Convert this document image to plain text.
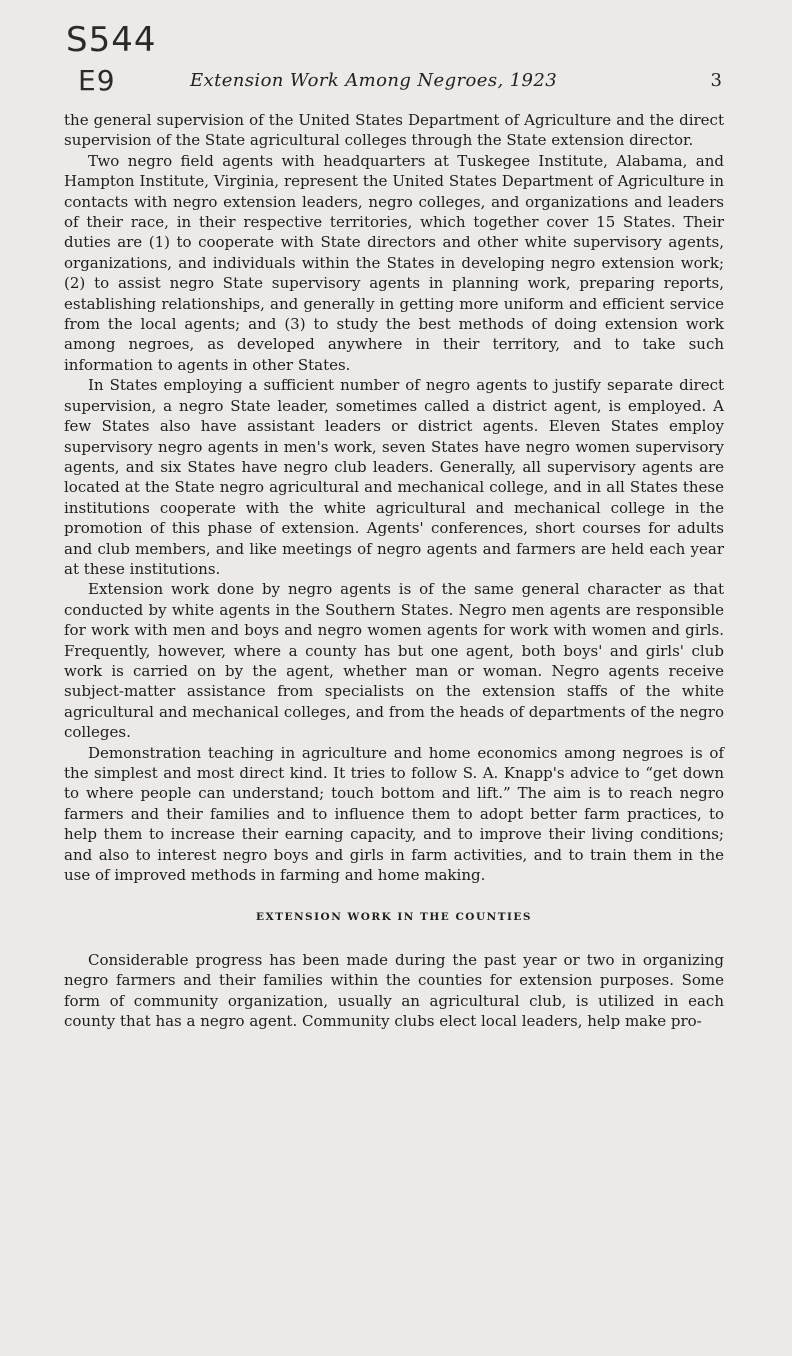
S544
E9	Extension Work Among Negroes, 1923	3

the general supervision of the United States Department of Agriculture and the direct supervision of the State agricultural colleges through the State extension director.

Two negro field agents with headquarters at Tuskegee Institute, Alabama, and Hampton Institute, Virginia, represent the United States Department of Agriculture in contacts with negro extension leaders, negro colleges, and organizations and leaders of their race, in their respective territories, which together cover 15 States. Their duties are (1) to cooperate with State directors and other white supervisory agents, organizations, and individuals within the States in developing negro extension work; (2) to assist negro State supervisory agents in planning work, preparing reports, establishing relationships, and generally in getting more uniform and efficient service from the local agents; and (3) to study the best methods of doing extension work among negroes, as developed anywhere in their territory, and to take such information to agents in other States.

In States employing a sufficient number of negro agents to justify separate direct supervision, a negro State leader, sometimes called a district agent, is employed. A few States also have assistant leaders or district agents. Eleven States employ supervisory negro agents in men's work, seven States have negro women supervisory agents, and six States have negro club leaders. Generally, all supervisory agents are located at the State negro agricultural and mechanical college, and in all States these institutions cooperate with the white agricultural and mechanical college in the promotion of this phase of extension. Agents' conferences, short courses for adults and club members, and like meetings of negro agents and farmers are held each year at these institutions.

Extension work done by negro agents is of the same general character as that conducted by white agents in the Southern States. Negro men agents are responsible for work with men and boys and negro women agents for work with women and girls. Frequently, however, where a county has but one agent, both boys' and girls' club work is carried on by the agent, whether man or woman. Negro agents receive subject-matter assistance from specialists on the extension staffs of the white agricultural and mechanical colleges, and from the heads of departments of the negro colleges.

Demonstration teaching in agriculture and home economics among negroes is of the simplest and most direct kind. It tries to follow S. A. Knapp's advice to “get down to where people can understand; touch bottom and lift.” The aim is to reach negro farmers and their families and to influence them to adopt better farm practices, to help them to increase their earning capacity, and to improve their living conditions; and also to interest negro boys and girls in farm activities, and to train them in the use of improved methods in farming and home making.

EXTENSION WORK IN THE COUNTIES

Considerable progress has been made during the past year or two in organizing negro farmers and their families within the counties for extension purposes. Some form of community organization, usually an agricultural club, is utilized in each county that has a negro agent. Community clubs elect local leaders, help make pro-
